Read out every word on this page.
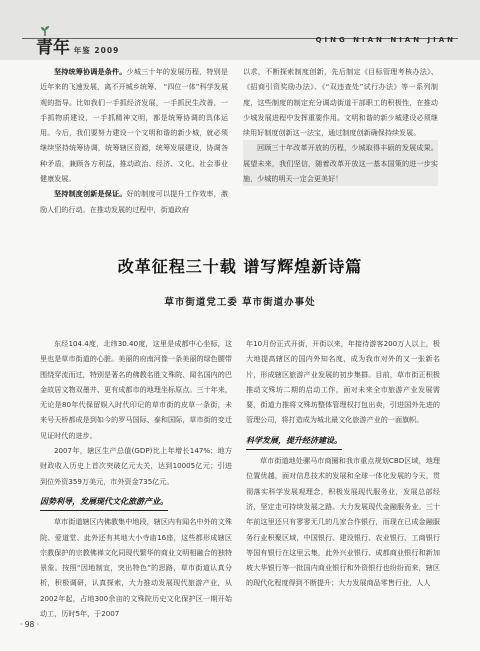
青年 年鉴 2009
QING NIAN NIAN JIAN

坚持统筹协调是条件。少城三十年的发展历程，特别是近年来的飞速发展，离不开城乡统筹、 “四位一体”科学发展观的指导。比如我们一手抓经济发展，一手抓民生改善，一手抓物质建设，一手抓精神文明，都是统筹协调的具体运用。今后，我们要努力建设一个文明和谐的新少城，就必须继续坚持统筹协调，统筹辖区资源，统筹发展建设，协调各种矛盾，兼顾各方利益，推动政治、经济、文化、社会事业健康发展。

坚持制度创新是保证。好的制度可以提升工作效率，激励人们的行动。在推动发展的过程中，街道政府

以求，不断探索制度创新，先后制定《目标管理考核办法》、《招商引资奖励办法》、《“双违查处”试行办法》等一系列制度，这些制度的制定充分调动街道干部职工的积极性，在推动少城发展进程中发挥重要作用。文明和谐的新少城建设必须继续用好制度创新这一法宝，通过制度创新确保持续发展。

回顾三十年改革开放的历程，少城取得丰硕的发展成果。展望未来，我们坚信，随着改革开放这一基本国策的进一步实施，少城的明天一定会更美好！

改革征程三十载 谱写辉煌新诗篇
草市街道党工委 草市街道办事处

东经104.4度，北纬30.40度，这里是成都中心坐标，这里也是草市街道的心脏。美丽的府南河像一条美丽的绿色腰带围绕穿流而过，特别是著名的佛教名胜文殊院、闻名国内的巴金故居文物双墨井、更有成都市的地理坐标原点。三十年来，无论是80年代保留娱入时代印记的草市街的皮草一条街，未来号天桥都成是到如今的罗马国际、泰和国际，草市街的变迁见证时代的进步。

2007年，辖区生产总值(GDP)比上年增长147%；地方财政收入历史上首次突破亿元大关，达到10005亿元；引进到位外资359万美元，市外资金735亿元。

因势利导，发展现代文化旅游产业。

草市街道辖区内佛教集中地段，辖区内有闻名中外的文殊院、爱道堂、此外还有其地大小寺庙16座，这些都形成辖区宗教保护的宗教佛禅文化同现代繁华的商业文明相融合的独特景象。按照“因地制宜，突出特色”的思路，草市街道认真分析，积极调研，认真探索，大力推动发展现代旅游产业，从2002年起，占地300余亩的文殊院历史文化保护区一期开始动工，历时5年，于2007

年10月份正式开街，开街以来，年接待游客200万人以上，极大地提高辖区的国内外知名度，成为我市对外的又一张新名片，形成辖区旅游产业发展的初步集群。目前，草市街正积极推动文殊坊二期的启动工作，面对未来全市旅游产业发展需要，街道力推将文殊坊整体管理权打包出卖，引进国外先进的管理公司，将打造成为城北最文化旅游产业的一面旗帜。

科学发展，提升经济建设。

草市街道地处骡马市商圈和我市重点规划CBD区域，地理位置优越，面对信息技术的发展和全球一体化发展的今天，贯彻落实科学发展观理念，积极发展现代服务业，发展总部经济，坚定走可持续发展之路。大力发展现代金融服务业。三十年前这里还只有寥寥无几的几家合作银行，而现在已成金融服务行业积聚区域，中国银行、建设银行、农业银行、工商银行等国有银行在这里云集，此外兴业银行、成都商业银行和新加坡大华银行等一批国内商业银行和外资银行也纷纷而来，辖区的现代化程度得到不断提升；大力发展商品零售行业，人人

· 98 ·
